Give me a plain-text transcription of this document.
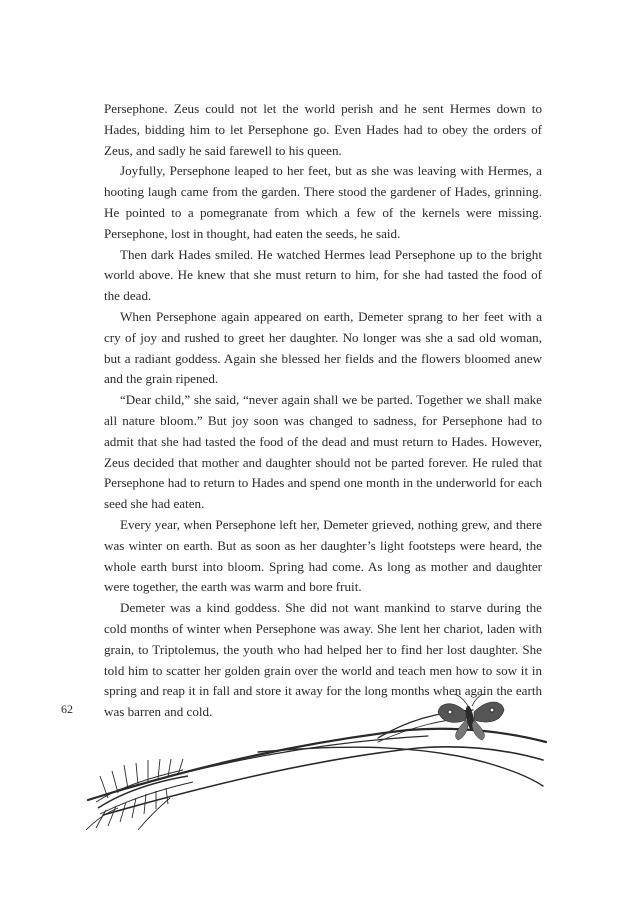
Persephone. Zeus could not let the world perish and he sent Hermes down to Hades, bidding him to let Persephone go. Even Hades had to obey the orders of Zeus, and sadly he said farewell to his queen.

Joyfully, Persephone leaped to her feet, but as she was leaving with Hermes, a hooting laugh came from the garden. There stood the gardener of Hades, grinning. He pointed to a pomegranate from which a few of the kernels were missing. Persephone, lost in thought, had eaten the seeds, he said.

Then dark Hades smiled. He watched Hermes lead Persephone up to the bright world above. He knew that she must return to him, for she had tasted the food of the dead.

When Persephone again appeared on earth, Demeter sprang to her feet with a cry of joy and rushed to greet her daughter. No longer was she a sad old woman, but a radiant goddess. Again she blessed her fields and the flowers bloomed anew and the grain ripened.

“Dear child,” she said, “never again shall we be parted. Together we shall make all nature bloom.” But joy soon was changed to sadness, for Persephone had to admit that she had tasted the food of the dead and must return to Hades. However, Zeus decided that mother and daughter should not be parted forever. He ruled that Persephone had to return to Hades and spend one month in the underworld for each seed she had eaten.

Every year, when Persephone left her, Demeter grieved, nothing grew, and there was winter on earth. But as soon as her daughter’s light footsteps were heard, the whole earth burst into bloom. Spring had come. As long as mother and daughter were together, the earth was warm and bore fruit.

Demeter was a kind goddess. She did not want mankind to starve during the cold months of winter when Persephone was away. She lent her chariot, laden with grain, to Triptolemus, the youth who had helped her to find her lost daughter. She told him to scatter her golden grain over the world and teach men how to sow it in spring and reap it in fall and store it away for the long months when again the earth was barren and cold.

62
